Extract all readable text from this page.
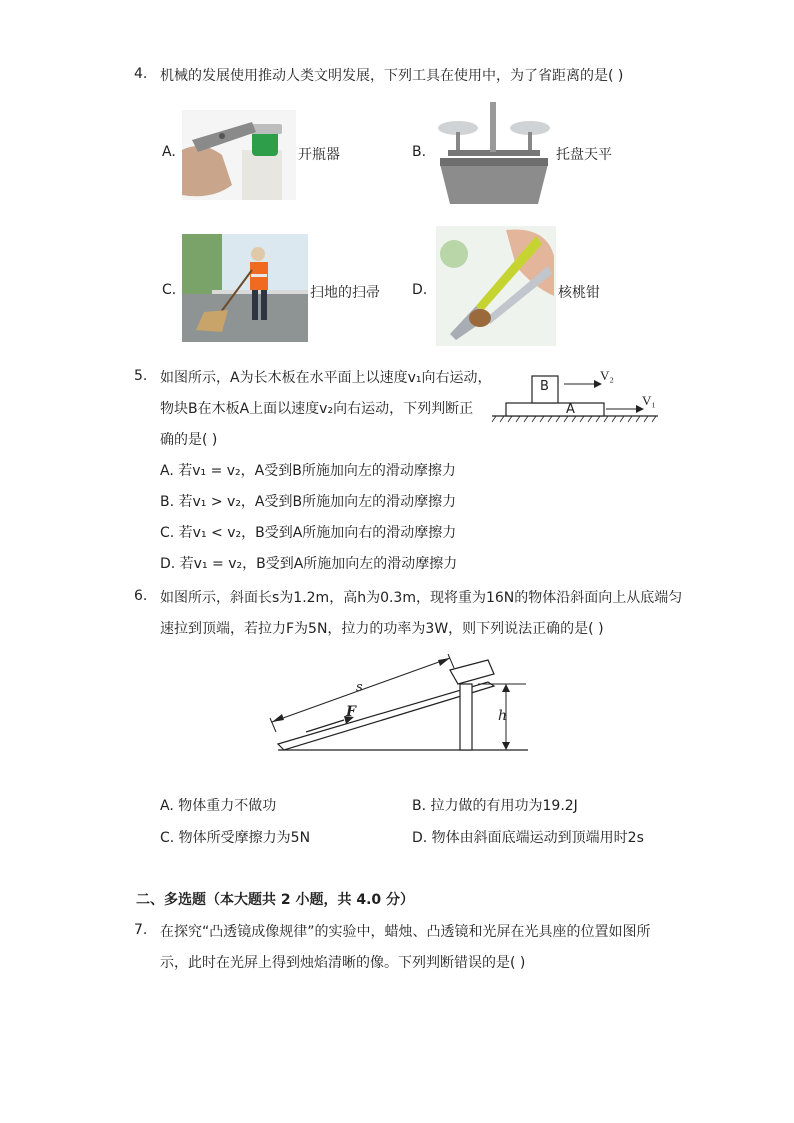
4. 机械的发展使用推动人类文明发展，下列工具在使用中，为了省距离的是( )
A.	开瓶器	B.	托盘天平
C.	扫地的扫帚 D.	核桃钳
5. 如图所示，A为长木板在水平面上以速度v₁向右运动，
物块B在木板A上面以速度v₂向右运动，下列判断正
确的是( )
B
A
V₂
V₁
A. 若v₁ = v₂，A受到B所施加向左的滑动摩擦力
B. 若v₁ > v₂，A受到B所施加向左的滑动摩擦力
C. 若v₁ < v₂，B受到A所施加向右的滑动摩擦力
D. 若v₁ = v₂，B受到A所施加向左的滑动摩擦力
6. 如图所示，斜面长s为1.2m，高h为0.3m，现将重为16N的物体沿斜面向上从底端匀
速拉到顶端，若拉力F为5N，拉力的功率为3W，则下列说法正确的是( )
s
F	h
A. 物体重力不做功	B. 拉力做的有用功为19.2J
C. 物体所受摩擦力为5N	D. 物体由斜面底端运动到顶端用时2s
二、多选题（本大题共 2 小题，共 4.0 分）
7. 在探究“凸透镜成像规律”的实验中，蜡烛、凸透镜和光屏在光具座的位置如图所
示，此时在光屏上得到烛焰清晰的像。下列判断错误的是( )
